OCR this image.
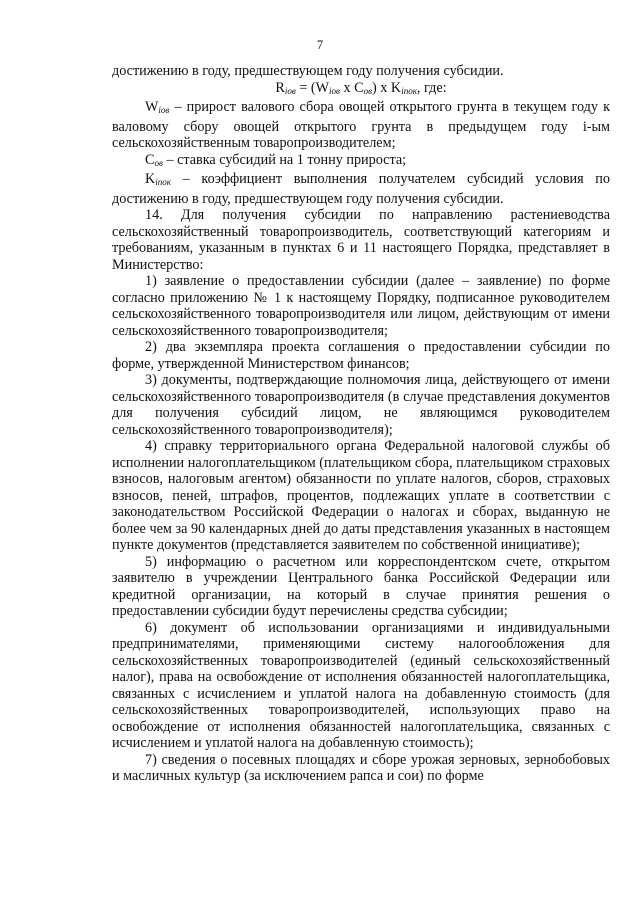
7

достижению в году, предшествующем году получения субсидии.

$R_{iов} = (W_{iов}$ x $C_{ов}$) x $K_{iпок}$, где:

$W_{iов}$ – прирост валового сбора овощей открытого грунта в текущем году к валовому сбору овощей открытого грунта в предыдущем году i-ым сельскохозяйственным товаропроизводителем;

$C_{ов}$ – ставка субсидий на 1 тонну прироста;

$K_{iпок}$ – коэффициент выполнения получателем субсидий условия по достижению в году, предшествующем году получения субсидии.

14. Для получения субсидии по направлению растениеводства сельскохозяйственный товаропроизводитель, соответствующий категориям и требованиям, указанным в пунктах 6 и 11 настоящего Порядка, представляет в Министерство:

1) заявление о предоставлении субсидии (далее – заявление) по форме согласно приложению № 1 к настоящему Порядку, подписанное руководителем сельскохозяйственного товаропроизводителя или лицом, действующим от имени сельскохозяйственного товаропроизводителя;

2) два экземпляра проекта соглашения о предоставлении субсидии по форме, утвержденной Министерством финансов;

3) документы, подтверждающие полномочия лица, действующего от имени сельскохозяйственного товаропроизводителя (в случае представления документов для получения субсидий лицом, не являющимся руководителем сельскохозяйственного товаропроизводителя);

4) справку территориального органа Федеральной налоговой службы об исполнении налогоплательщиком (плательщиком сбора, плательщиком страховых взносов, налоговым агентом) обязанности по уплате налогов, сборов, страховых взносов, пеней, штрафов, процентов, подлежащих уплате в соответствии с законодательством Российской Федерации о налогах и сборах, выданную не более чем за 90 календарных дней до даты представления указанных в настоящем пункте документов (представляется заявителем по собственной инициативе);

5) информацию о расчетном или корреспондентском счете, открытом заявителю в учреждении Центрального банка Российской Федерации или кредитной организации, на который в случае принятия решения о предоставлении субсидии будут перечислены средства субсидии;

6) документ об использовании организациями и индивидуальными предпринимателями, применяющими систему налогообложения для сельскохозяйственных товаропроизводителей (единый сельскохозяйственный налог), права на освобождение от исполнения обязанностей налогоплательщика, связанных с исчислением и уплатой налога на добавленную стоимость (для сельскохозяйственных товаропроизводителей, использующих право на освобождение от исполнения обязанностей налогоплательщика, связанных с исчислением и уплатой налога на добавленную стоимость);

7) сведения о посевных площадях и сборе урожая зерновых, зернобобовых и масличных культур (за исключением рапса и сои) по форме
